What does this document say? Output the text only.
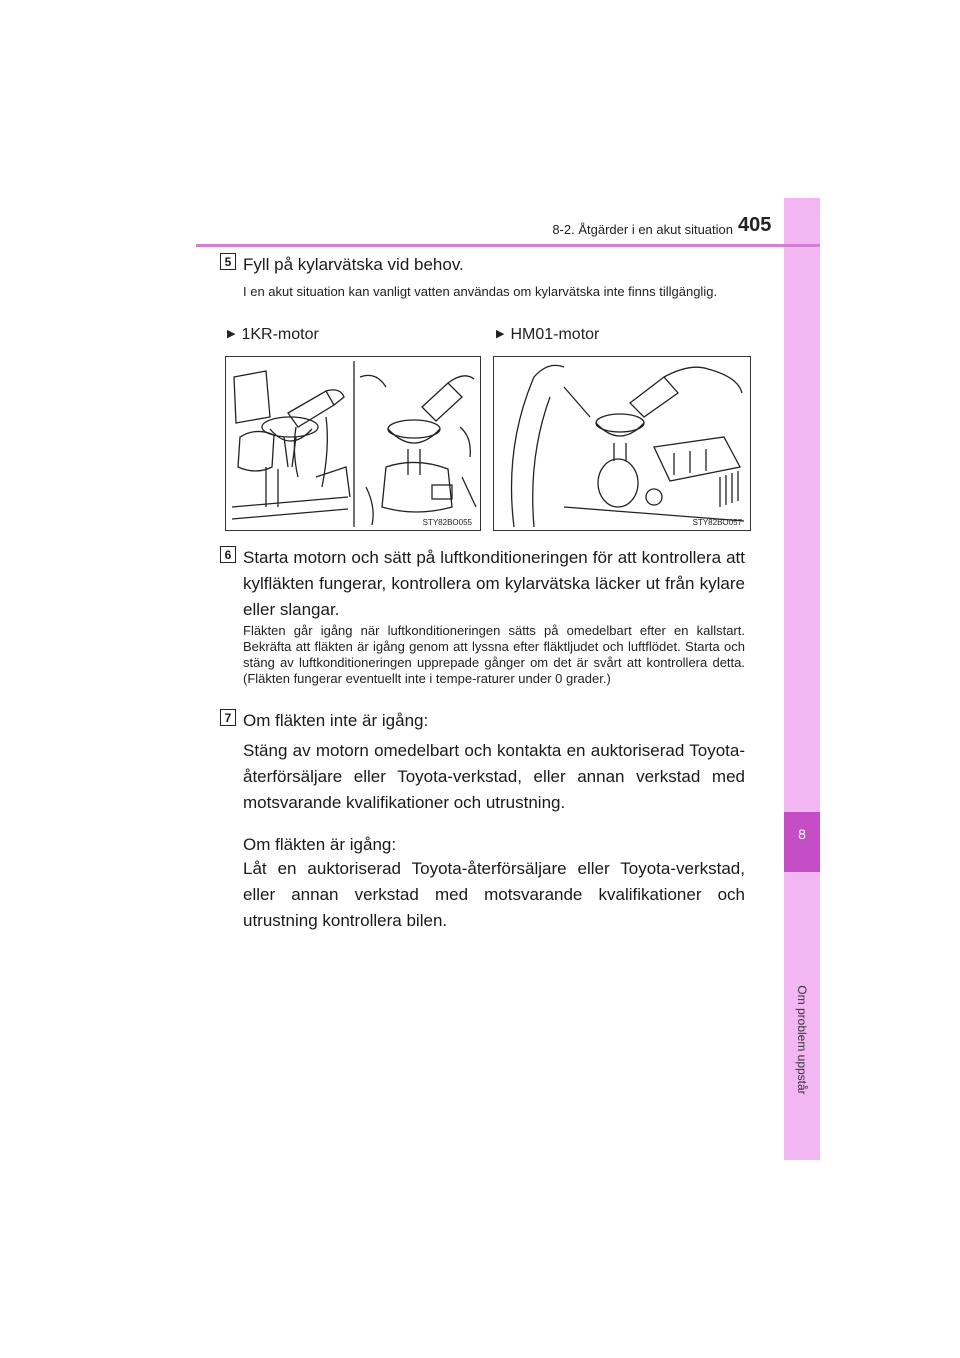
8
Om problem uppstår
8-2. Åtgärder i en akut situation 405
5 Fyll på kylarvätska vid behov.
I en akut situation kan vanligt vatten användas om kylarvätska inte finns tillgänglig.
▶ 1KR-motor	▶ HM01-motor
STY82BO055	STY82BO057
6 Starta motorn och sätt på luftkonditioneringen för att kontrollera att kylfläkten fungerar, kontrollera om kylarvätska läcker ut från kylare eller slangar.
Fläkten går igång när luftkonditioneringen sätts på omedelbart efter en kallstart. Bekräfta att fläkten är igång genom att lyssna efter fläktljudet och luftflödet. Starta och stäng av luftkonditioneringen upprepade gånger om det är svårt att kontrollera detta. (Fläkten fungerar eventuellt inte i tempe-raturer under 0 grader.)
7 Om fläkten inte är igång:
Stäng av motorn omedelbart och kontakta en auktoriserad Toyota-återförsäljare eller Toyota-verkstad, eller annan verkstad med motsvarande kvalifikationer och utrustning.
Om fläkten är igång:
Låt en auktoriserad Toyota-återförsäljare eller Toyota-verkstad, eller annan verkstad med motsvarande kvalifikationer och utrustning kontrollera bilen.
